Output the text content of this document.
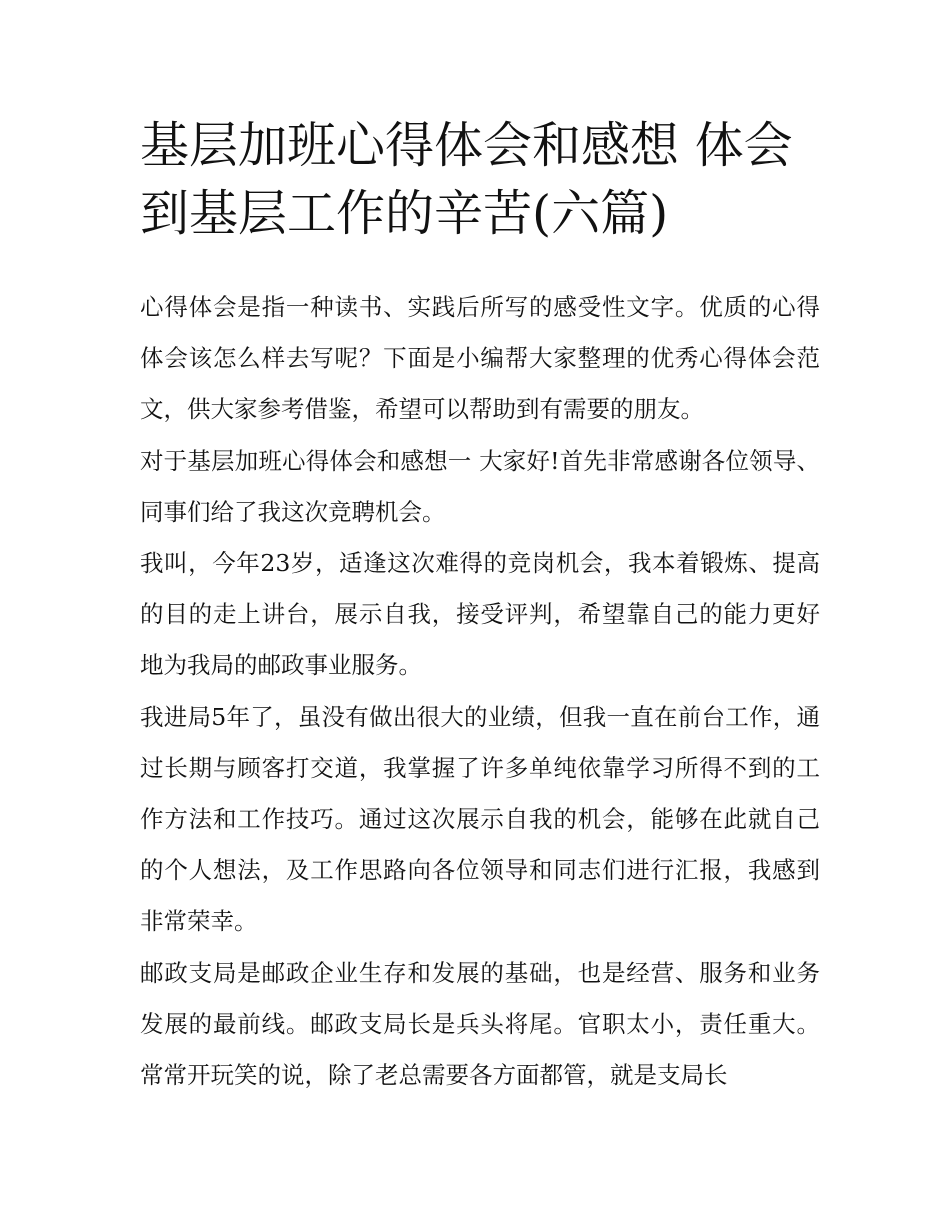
基层加班心得体会和感想 体会到基层工作的辛苦(六篇)

心得体会是指一种读书、实践后所写的感受性文字。优质的心得体会该怎么样去写呢？下面是小编帮大家整理的优秀心得体会范文，供大家参考借鉴，希望可以帮助到有需要的朋友。

对于基层加班心得体会和感想一 大家好!首先非常感谢各位领导、同事们给了我这次竞聘机会。

我叫，今年23岁，适逢这次难得的竞岗机会，我本着锻炼、提高的目的走上讲台，展示自我，接受评判，希望靠自己的能力更好地为我局的邮政事业服务。

我进局5年了，虽没有做出很大的业绩，但我一直在前台工作，通过长期与顾客打交道，我掌握了许多单纯依靠学习所得不到的工作方法和工作技巧。通过这次展示自我的机会，能够在此就自己的个人想法，及工作思路向各位领导和同志们进行汇报，我感到非常荣幸。

邮政支局是邮政企业生存和发展的基础，也是经营、服务和业务发展的最前线。邮政支局长是兵头将尾。官职太小，责任重大。常常开玩笑的说，除了老总需要各方面都管，就是支局长
